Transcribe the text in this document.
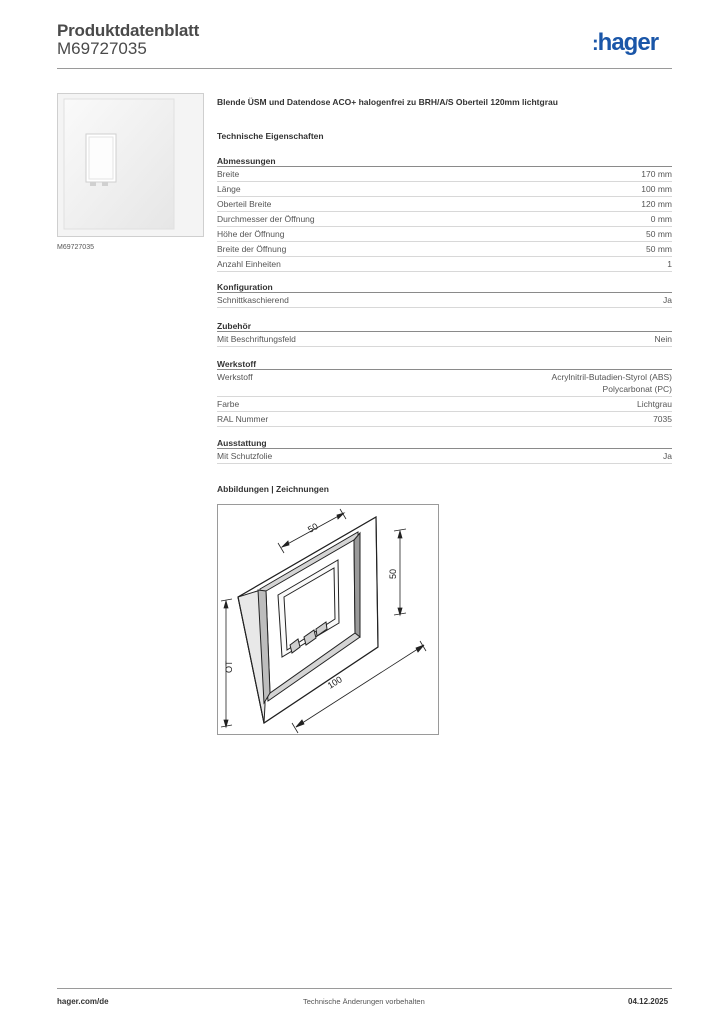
Produktdatenblatt
M69727035	:hager
M69727035
Blende ÜSM und Datendose ACO+ halogenfrei zu BRH/A/S Oberteil 120mm lichtgrau
Technische Eigenschaften
Abmessungen
Breite	170 mm
Länge	100 mm
Oberteil Breite	120 mm
Durchmesser der Öffnung	0 mm
Höhe der Öffnung	50 mm
Breite der Öffnung	50 mm
Anzahl Einheiten	1
Konfiguration
Schnittkaschierend	Ja
Zubehör
Mit Beschriftungsfeld	Nein
Werkstoff
Werkstoff	Acrylnitril-Butadien-Styrol (ABS)
Polycarbonat (PC)
Farbe	Lichtgrau
RAL Nummer	7035
Ausstattung
Mit Schutzfolie	Ja
Abbildungen | Zeichnungen
50
50
100
OT
hager.com/de	Technische Änderungen vorbehalten	04.12.2025
